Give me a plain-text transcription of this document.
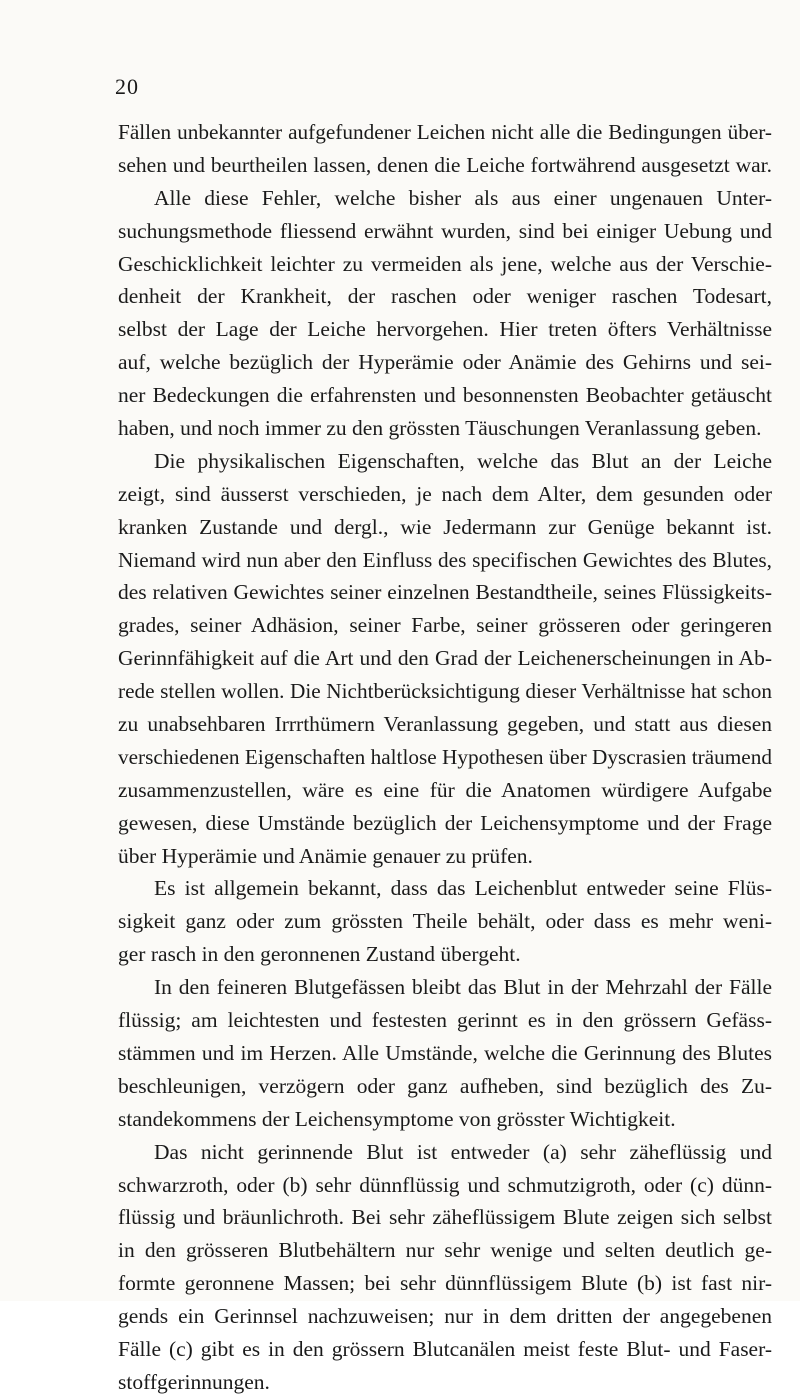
20
Fällen unbekannter aufgefundener Leichen nicht alle die Bedingungen über-
sehen und beurtheilen lassen, denen die Leiche fortwährend ausgesetzt war.
Alle diese Fehler, welche bisher als aus einer ungenauen Unter-
suchungsmethode fliessend erwähnt wurden, sind bei einiger Uebung und
Geschicklichkeit leichter zu vermeiden als jene, welche aus der Verschie-
denheit der Krankheit, der raschen oder weniger raschen Todesart,
selbst der Lage der Leiche hervorgehen. Hier treten öfters Verhältnisse
auf, welche bezüglich der Hyperämie oder Anämie des Gehirns und sei-
ner Bedeckungen die erfahrensten und besonnensten Beobachter getäuscht
haben, und noch immer zu den grössten Täuschungen Veranlassung geben.
Die physikalischen Eigenschaften, welche das Blut an der Leiche
zeigt, sind äusserst verschieden, je nach dem Alter, dem gesunden oder
kranken Zustande und dergl., wie Jedermann zur Genüge bekannt ist.
Niemand wird nun aber den Einfluss des specifischen Gewichtes des Blutes,
des relativen Gewichtes seiner einzelnen Bestandtheile, seines Flüssigkeits-
grades, seiner Adhäsion, seiner Farbe, seiner grösseren oder geringeren
Gerinnfähigkeit auf die Art und den Grad der Leichenerscheinungen in Ab-
rede stellen wollen. Die Nichtberücksichtigung dieser Verhältnisse hat schon
zu unabsehbaren Irrrthümern Veranlassung gegeben, und statt aus diesen
verschiedenen Eigenschaften haltlose Hypothesen über Dyscrasien träumend
zusammenzustellen, wäre es eine für die Anatomen würdigere Aufgabe
gewesen, diese Umstände bezüglich der Leichensymptome und der Frage
über Hyperämie und Anämie genauer zu prüfen.
Es ist allgemein bekannt, dass das Leichenblut entweder seine Flüs-
sigkeit ganz oder zum grössten Theile behält, oder dass es mehr weni-
ger rasch in den geronnenen Zustand übergeht.
In den feineren Blutgefässen bleibt das Blut in der Mehrzahl der Fälle
flüssig; am leichtesten und festesten gerinnt es in den grössern Gefäss-
stämmen und im Herzen. Alle Umstände, welche die Gerinnung des Blutes
beschleunigen, verzögern oder ganz aufheben, sind bezüglich des Zu-
standekommens der Leichensymptome von grösster Wichtigkeit.
Das nicht gerinnende Blut ist entweder (a) sehr zäheflüssig und
schwarzroth, oder (b) sehr dünnflüssig und schmutzigroth, oder (c) dünn-
flüssig und bräunlichroth. Bei sehr zäheflüssigem Blute zeigen sich selbst
in den grösseren Blutbehältern nur sehr wenige und selten deutlich ge-
formte geronnene Massen; bei sehr dünnflüssigem Blute (b) ist fast nir-
gends ein Gerinnsel nachzuweisen; nur in dem dritten der angegebenen
Fälle (c) gibt es in den grössern Blutcanälen meist feste Blut- und Faser-
stoffgerinnungen.
